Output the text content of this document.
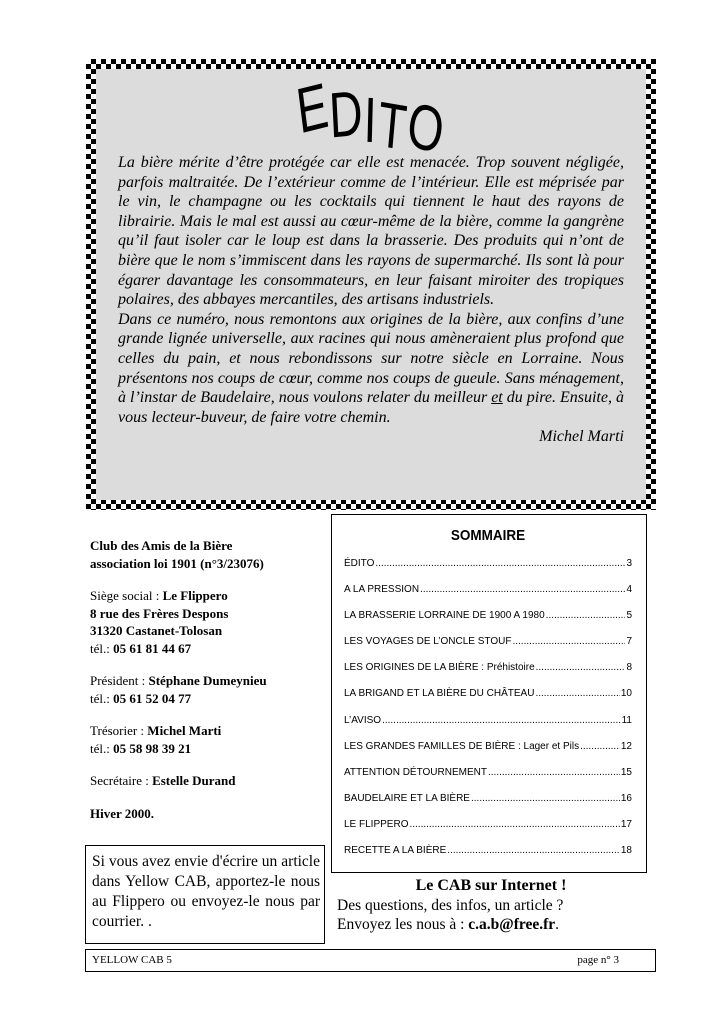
EDITO

La bière mérite d’être protégée car elle est menacée. Trop souvent négligée, parfois maltraitée. De l’extérieur comme de l’intérieur. Elle est méprisée par le vin, le champagne ou les cocktails qui tiennent le haut des rayons de librairie. Mais le mal est aussi au cœur-même de la bière, comme la gangrène qu’il faut isoler car le loup est dans la brasserie. Des produits qui n’ont de bière que le nom s’immiscent dans les rayons de supermarché. Ils sont là pour égarer davantage les consommateurs, en leur faisant miroiter des tropiques polaires, des abbayes mercantiles, des artisans industriels.

Dans ce numéro, nous remontons aux origines de la bière, aux confins d’une grande lignée universelle, aux racines qui nous amèneraient plus profond que celles du pain, et nous rebondissons sur notre siècle en Lorraine. Nous présentons nos coups de cœur, comme nos coups de gueule. Sans ménagement, à l’instar de Baudelaire, nous voulons relater du meilleur et du pire. Ensuite, à vous lecteur-buveur, de faire votre chemin.

Michel Marti

Club des Amis de la Bière
association loi 1901 (n°3/23076)
Siège social : Le Flippero
8 rue des Frères Despons
31320 Castanet-Tolosan
tél.: 05 61 81 44 67
Président : Stéphane Dumeynieu
tél.: 05 61 52 04 77
Trésorier : Michel Marti
tél.: 05 58 98 39 21
Secrétaire : Estelle Durand
Hiver 2000.
SOMMAIRE
ÉDITO .....	3
A LA PRESSION .....	4
LA BRASSERIE LORRAINE DE 1900 A 1980 .....	5
LES VOYAGES DE L’ONCLE STOUF .....	7
LES ORIGINES DE LA BIÈRE : Préhistoire .....	8
LA BRIGAND ET LA BIÈRE DU CHÂTEAU .....	10
L’AVISO .....	11
LES GRANDES FAMILLES DE BIÈRE : Lager et Pils .....	12
ATTENTION DÉTOURNEMENT .....	15
BAUDELAIRE ET LA BIÈRE .....	16
LE FLIPPERO .....	17
RECETTE A LA BIÈRE .....	18
Si vous avez envie d'écrire un article dans Yellow CAB, apportez-le nous au Flippero ou envoyez-le nous par courrier. .
Le CAB sur Internet !
Des questions, des infos, un article ?
Envoyez les nous à : c.a.b@free.fr.
YELLOW CAB 5	page n° 3
